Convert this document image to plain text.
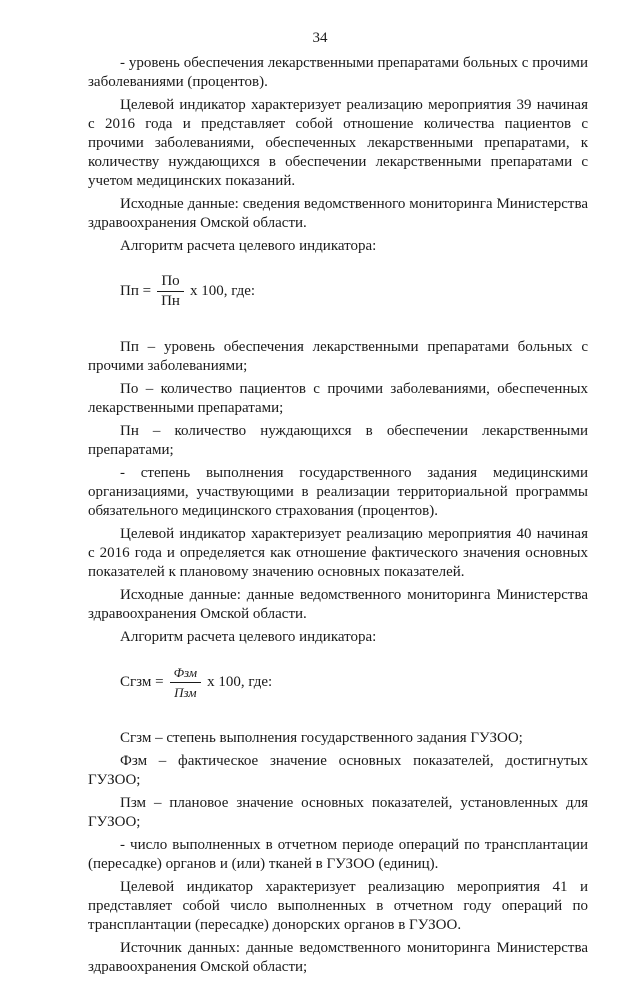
34

- уровень обеспечения лекарственными препаратами больных с прочими заболеваниями (процентов).

Целевой индикатор характеризует реализацию мероприятия 39 начиная с 2016 года и представляет собой отношение количества пациентов с прочими заболеваниями, обеспеченных лекарственными препаратами, к количеству нуждающихся в обеспечении лекарственными препаратами с учетом медицинских показаний.

Исходные данные: сведения ведомственного мониторинга Министерства здравоохранения Омской области.

Алгоритм расчета целевого индикатора:

Пп = $\frac{По}{Пн}$ х 100, где:

Пп – уровень обеспечения лекарственными препаратами больных с прочими заболеваниями;

По – количество пациентов с прочими заболеваниями, обеспеченных лекарственными препаратами;

Пн – количество нуждающихся в обеспечении лекарственными препаратами;

- степень выполнения государственного задания медицинскими организациями, участвующими в реализации территориальной программы обязательного медицинского страхования (процентов).

Целевой индикатор характеризует реализацию мероприятия 40 начиная с 2016 года и определяется как отношение фактического значения основных показателей к плановому значению основных показателей.

Исходные данные: данные ведомственного мониторинга Министерства здравоохранения Омской области.

Алгоритм расчета целевого индикатора:

Сгзм = $\frac{\text{Фзм}}{\text{Пзм}}$ х 100, где:

Сгзм – степень выполнения государственного задания ГУЗОО;

Фзм – фактическое значение основных показателей, достигнутых ГУЗОО;

Пзм – плановое значение основных показателей, установленных для ГУЗОО;

- число выполненных в отчетном периоде операций по трансплантации (пересадке) органов и (или) тканей в ГУЗОО (единиц).

Целевой индикатор характеризует реализацию мероприятия 41 и представляет собой число выполненных в отчетном году операций по трансплантации (пересадке) донорских органов в ГУЗОО.

Источник данных: данные ведомственного мониторинга Министерства здравоохранения Омской области;
